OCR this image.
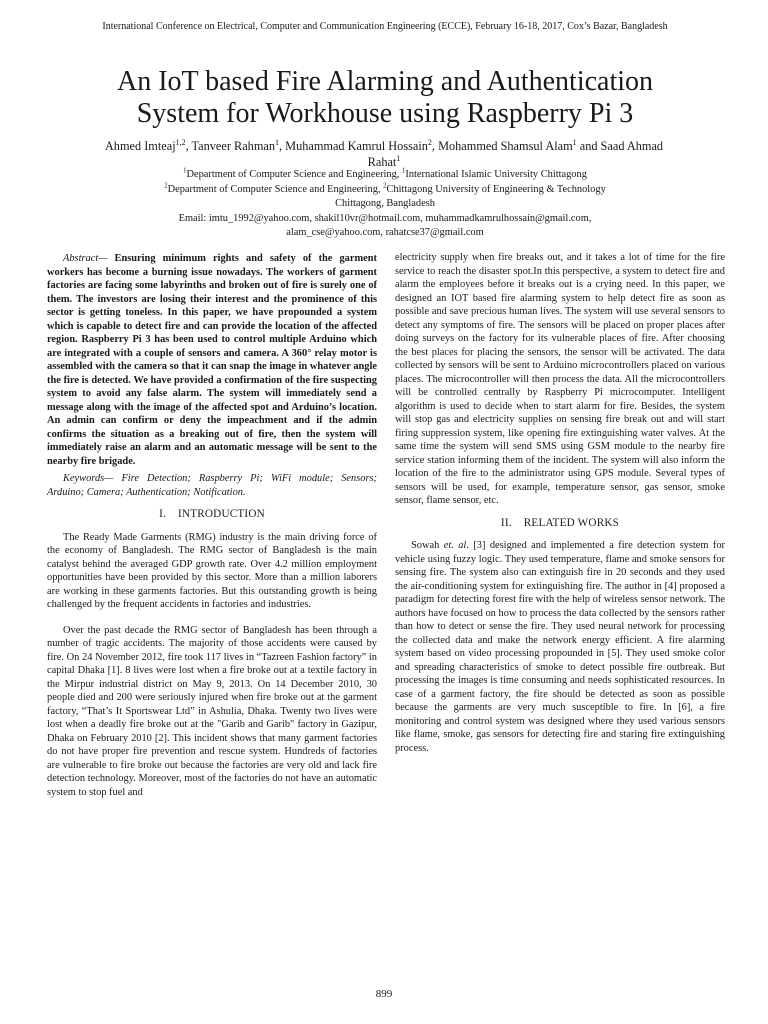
International Conference on Electrical, Computer and Communication Engineering (ECCE), February 16-18, 2017, Cox’s Bazar, Bangladesh
An IoT based Fire Alarming and Authentication
System for Workhouse using Raspberry Pi 3
Ahmed Imteaj$^{1,2}$, Tanveer Rahman$^1$, Muhammad Kamrul Hossain$^2$, Mohammed Shamsul Alam$^1$ and Saad Ahmad
Rahat$^1$
$^1$Department of Computer Science and Engineering, $^1$International Islamic University Chittagong
$^2$Department of Computer Science and Engineering, $^2$Chittagong University of Engineering & Technology
Chittagong, Bangladesh
Email: imtu_1992@yahoo.com, shakil10vr@hotmail.com, muhammadkamrulhossain@gmail.com,
alam_cse@yahoo.com, rahatcse37@gmail.com

Abstract— Ensuring minimum rights and safety of the garment workers has become a burning issue nowadays. The workers of garment factories are facing some labyrinths and broken out of fire is surely one of them. The investors are losing their interest and the prominence of this sector is getting toneless. In this paper, we have propounded a system which is capable to detect fire and can provide the location of the affected region. Raspberry Pi 3 has been used to control multiple Arduino which are integrated with a couple of sensors and camera. A 360° relay motor is assembled with the camera so that it can snap the image in whatever angle the fire is detected. We have provided a confirmation of the fire suspecting system to avoid any false alarm. The system will immediately send a message along with the image of the affected spot and Arduino’s location. An admin can confirm or deny the impeachment and if the admin confirms the situation as a breaking out of fire, then the system will immediately raise an alarm and an automatic message will be sent to the nearby fire brigade.

Keywords— Fire Detection; Raspberry Pi; WiFi module; Sensors; Arduino; Camera; Authentication; Notification.

I. INTRODUCTION

The Ready Made Garments (RMG) industry is the main driving force of the economy of Bangladesh. The RMG sector of Bangladesh is the main catalyst behind the averaged GDP growth rate. Over 4.2 million employment opportunities have been provided by this sector. More than a million laborers are working in these garments factories. But this outstanding growth is being challenged by the frequent accidents in factories and industries.

Over the past decade the RMG sector of Bangladesh has been through a number of tragic accidents. The majority of those accidents were caused by fire. On 24 November 2012, fire took 117 lives in “Tazreen Fashion factory” in capital Dhaka [1]. 8 lives were lost when a fire broke out at a textile factory in the Mirpur industrial district on May 9, 2013. On 14 December 2010, 30 people died and 200 were seriously injured when fire broke out at the garment factory, “That’s It Sportswear Ltd” in Ashulia, Dhaka. Twenty two lives were lost when a deadly fire broke out at the "Garib and Garib" factory in Gazipur, Dhaka on February 2010 [2]. This incident shows that many garment factories do not have proper fire prevention and rescue system. Hundreds of factories are vulnerable to fire broke out because the factories are very old and lack fire detection technology. Moreover, most of the factories do not have an automatic system to stop fuel and

electricity supply when fire breaks out, and it takes a lot of time for the fire service to reach the disaster spot.In this perspective, a system to detect fire and alarm the employees before it breaks out is a crying need. In this paper, we designed an IOT based fire alarming system to help detect fire as soon as possible and save precious human lives. The system will use several sensors to detect any symptoms of fire. The sensors will be placed on proper places after doing surveys on the factory for its vulnerable places of fire. After choosing the best places for placing the sensors, the sensor will be activated. The data collected by sensors will be sent to Arduino microcontrollers placed on various places. The microcontroller will then process the data. All the microcontrollers will be controlled centrally by Raspberry Pi microcomputer. Intelligent algorithm is used to decide when to start alarm for fire. Besides, the system will stop gas and electricity supplies on sensing fire break out and will start firing suppression system, like opening fire extinguishing water valves. At the same time the system will send SMS using GSM module to the nearby fire service station informing them of the incident. The system will also inform the location of the fire to the administrator using GPS module. Several types of sensors will be used, for example, temperature sensor, gas sensor, smoke sensor, flame sensor, etc.

II. RELATED WORKS

Sowah et. al. [3] designed and implemented a fire detection system for vehicle using fuzzy logic. They used temperature, flame and smoke sensors for sensing fire. The system also can extinguish fire in 20 seconds and they used the air-conditioning system for extinguishing fire. The author in [4] proposed a paradigm for detecting forest fire with the help of wireless sensor network. The authors have focused on how to process the data collected by the sensors rather than how to detect or sense the fire. They used neural network for processing the collected data and make the network energy efficient. A fire alarming system based on video processing propounded in [5]. They used smoke color and spreading characteristics of smoke to detect possible fire outbreak. But processing the images is time consuming and needs sophisticated resources. In case of a garment factory, the fire should be detected as soon as possible because the garments are very much susceptible to fire. In [6], a fire monitoring and control system was designed where they used various sensors like flame, smoke, gas sensors for detecting fire and staring fire extinguishing process.

899
